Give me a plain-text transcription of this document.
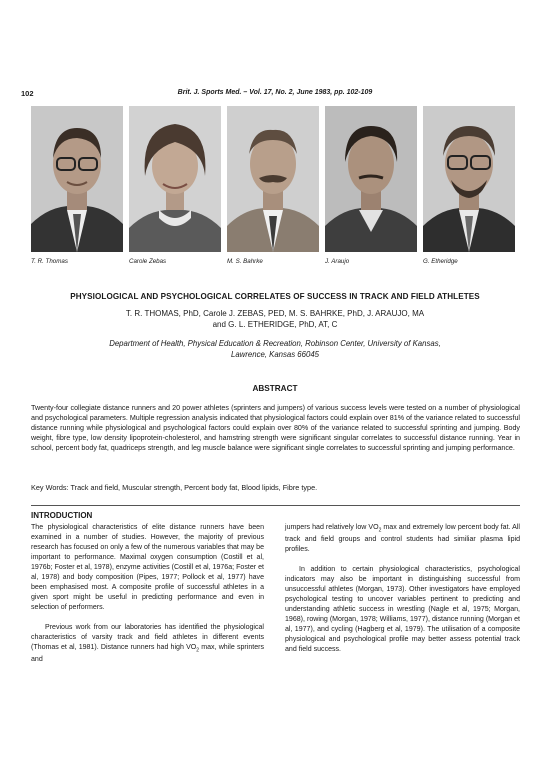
102	Brit. J. Sports Med. – Vol. 17, No. 2, June 1983, pp. 102-109
T. R. Thomas	Carole Zebas	M. S. Bahrke	J. Araujo	G. Etheridge
PHYSIOLOGICAL AND PSYCHOLOGICAL CORRELATES OF SUCCESS IN TRACK AND FIELD ATHLETES
T. R. THOMAS, PhD, Carole J. ZEBAS, PED, M. S. BAHRKE, PhD, J. ARAUJO, MA
and G. L. ETHERIDGE, PhD, AT, C
Department of Health, Physical Education & Recreation, Robinson Center, University of Kansas,
Lawrence, Kansas 66045
ABSTRACT
Twenty-four collegiate distance runners and 20 power athletes (sprinters and jumpers) of various success levels were tested on a number of physiological and psychological parameters. Multiple regression analysis indicated that physiological factors could explain over 81% of the variance related to successful distance running while physiological and psychological factors could explain over 80% of the variance related to successful sprinting and jumping. Body weight, fibre type, low density lipoprotein-cholesterol, and hamstring strength were significant singular correlates to successful distance running. Year in school, percent body fat, quadriceps strength, and leg muscle balance were significant single correlates to successful sprinting and jumping performance.
Key Words: Track and field, Muscular strength, Percent body fat, Blood lipids, Fibre type.
INTRODUCTION

The physiological characteristics of elite distance runners have been examined in a number of studies. However, the majority of previous research has focused on only a few of the numerous variables that may be important to performance. Maximal oxygen consumption (Costill et al, 1976b; Foster et al, 1978), enzyme activities (Costill et al, 1976a; Foster et al, 1978) and body composition (Pipes, 1977; Pollock et al, 1977) have been emphasised most. A composite profile of successful athletes in a given sport might be useful in predicting performance and even in selection of performers.

Previous work from our laboratories has identified the physiological characteristics of varsity track and field athletes in different events (Thomas et al, 1981). Distance runners had high $VO_2$ max, while sprinters and

jumpers had relatively low $VO_2$ max and extremely low percent body fat. All track and field groups and control students had similiar plasma lipid profiles.

In addition to certain physiological characteristics, psychological indicators may also be important in distinguishing successful from unsuccessful athletes (Morgan, 1973). Other investigators have employed psychological testing to uncover variables pertinent to predicting and understanding athletic success in wrestling (Nagle et al, 1975; Morgan, 1968), rowing (Morgan, 1978; Williams, 1977), distance running (Morgan et al, 1977), and cycling (Hagberg et al, 1979). The utilisation of a composite physiological and psychological profile may better assess potential track and field success.
